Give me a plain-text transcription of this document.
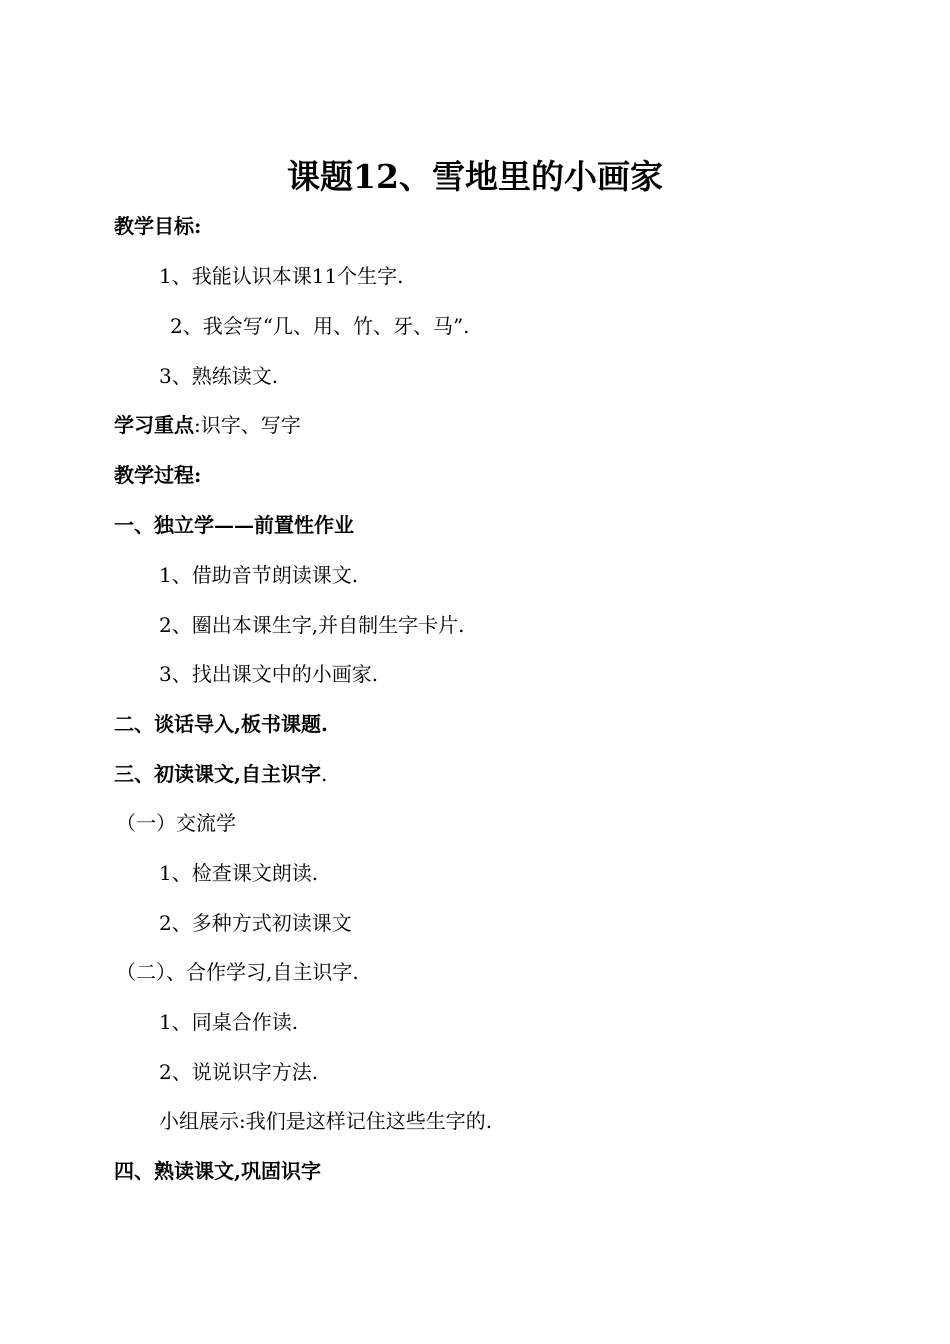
课题12、雪地里的小画家

教学目标:

1、我能认识本课11个生字.

2、我会写“几、用、竹、牙、马”.

3、熟练读文.

学习重点:识字、写字

教学过程:

一、独立学——前置性作业

1、借助音节朗读课文.

2、圈出本课生字,并自制生字卡片.

3、找出课文中的小画家.

二、谈话导入,板书课题.

三、初读课文,自主识字.

（一）交流学

1、检查课文朗读.

2、多种方式初读课文

（二）、合作学习,自主识字.

1、同桌合作读.

2、说说识字方法.

小组展示:我们是这样记住这些生字的.

四、熟读课文,巩固识字
